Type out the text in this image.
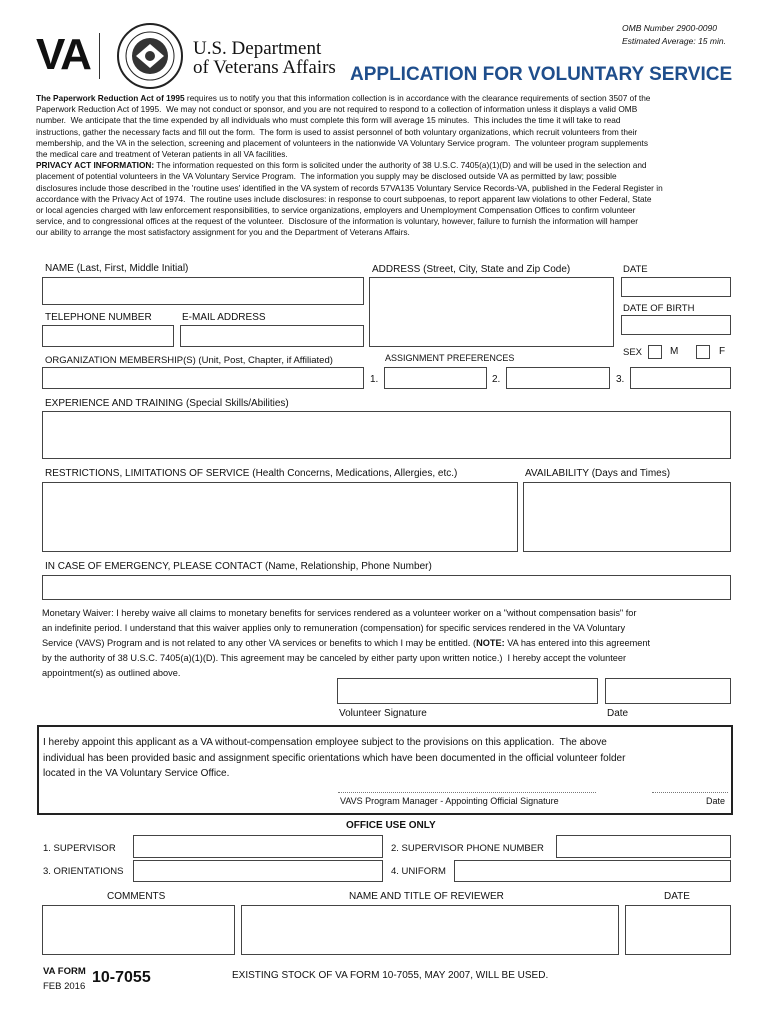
VA	U.S. Department
of Veterans Affairs
OMB Number 2900-0090
Estimated Average: 15 min.
APPLICATION FOR VOLUNTARY SERVICE
The Paperwork Reduction Act of 1995 requires us to notify you that this information collection is in accordance with the clearance requirements of section 3507 of the
Paperwork Reduction Act of 1995.  We may not conduct or sponsor, and you are not required to respond to a collection of information unless it displays a valid OMB
number.  We anticipate that the time expended by all individuals who must complete this form will average 15 minutes.  This includes the time it will take to read
instructions, gather the necessary facts and fill out the form.  The form is used to assist personnel of both voluntary organizations, which recruit volunteers from their
membership, and the VA in the selection, screening and placement of volunteers in the nationwide VA Voluntary Service program.  The volunteer program supplements
the medical care and treatment of Veteran patients in all VA facilities.
PRIVACY ACT INFORMATION: The information requested on this form is solicited under the authority of 38 U.S.C. 7405(a)(1)(D) and will be used in the selection and
placement of potential volunteers in the VA Voluntary Service Program.  The information you supply may be disclosed outside VA as permitted by law; possible
disclosures include those described in the 'routine uses' identified in the VA system of records 57VA135 Voluntary Service Records-VA, published in the Federal Register in
accordance with the Privacy Act of 1974.  The routine uses include disclosures: in response to court subpoenas, to report apparent law violations to other Federal, State
or local agencies charged with law enforcement responsibilities, to service organizations, employers and Unemployment Compensation Offices to confirm volunteer
service, and to congressional offices at the request of the volunteer.  Disclosure of the information is voluntary, however, failure to furnish the information will hamper
our ability to arrange the most satisfactory assignment for you and the Department of Veterans Affairs.
NAME (Last, First, Middle Initial)	ADDRESS (Street, City, State and Zip Code)	DATE
DATE OF BIRTH
TELEPHONE NUMBER	E-MAIL ADDRESS
SEX	M	F
ORGANIZATION MEMBERSHIP(S) (Unit, Post, Chapter, if Affiliated)	ASSIGNMENT PREFERENCES
1.	2.	3.
EXPERIENCE AND TRAINING (Special Skills/Abilities)
RESTRICTIONS, LIMITATIONS OF SERVICE (Health Concerns, Medications, Allergies, etc.)	AVAILABILITY (Days and Times)
IN CASE OF EMERGENCY, PLEASE CONTACT (Name, Relationship, Phone Number)
Monetary Waiver: I hereby waive all claims to monetary benefits for services rendered as a volunteer worker on a "without compensation basis" for
an indefinite period. I understand that this waiver applies only to remuneration (compensation) for specific services rendered in the VA Voluntary
Service (VAVS) Program and is not related to any other VA services or benefits to which I may be entitled. (NOTE: VA has entered into this agreement
by the authority of 38 U.S.C. 7405(a)(1)(D). This agreement may be canceled by either party upon written notice.)  I hereby accept the volunteer
appointment(s) as outlined above.
Volunteer Signature	Date
I hereby appoint this applicant as a VA without-compensation employee subject to the provisions on this application.  The above
individual has been provided basic and assignment specific orientations which have been documented in the official volunteer folder
located in the VA Voluntary Service Office.
VAVS Program Manager - Appointing Official Signature	Date
OFFICE USE ONLY
1. SUPERVISOR	2. SUPERVISOR PHONE NUMBER
3. ORIENTATIONS	4. UNIFORM
COMMENTS	NAME AND TITLE OF REVIEWER	DATE
VA FORM
FEB 2016
10-7055	EXISTING STOCK OF VA FORM 10-7055, MAY 2007, WILL BE USED.
